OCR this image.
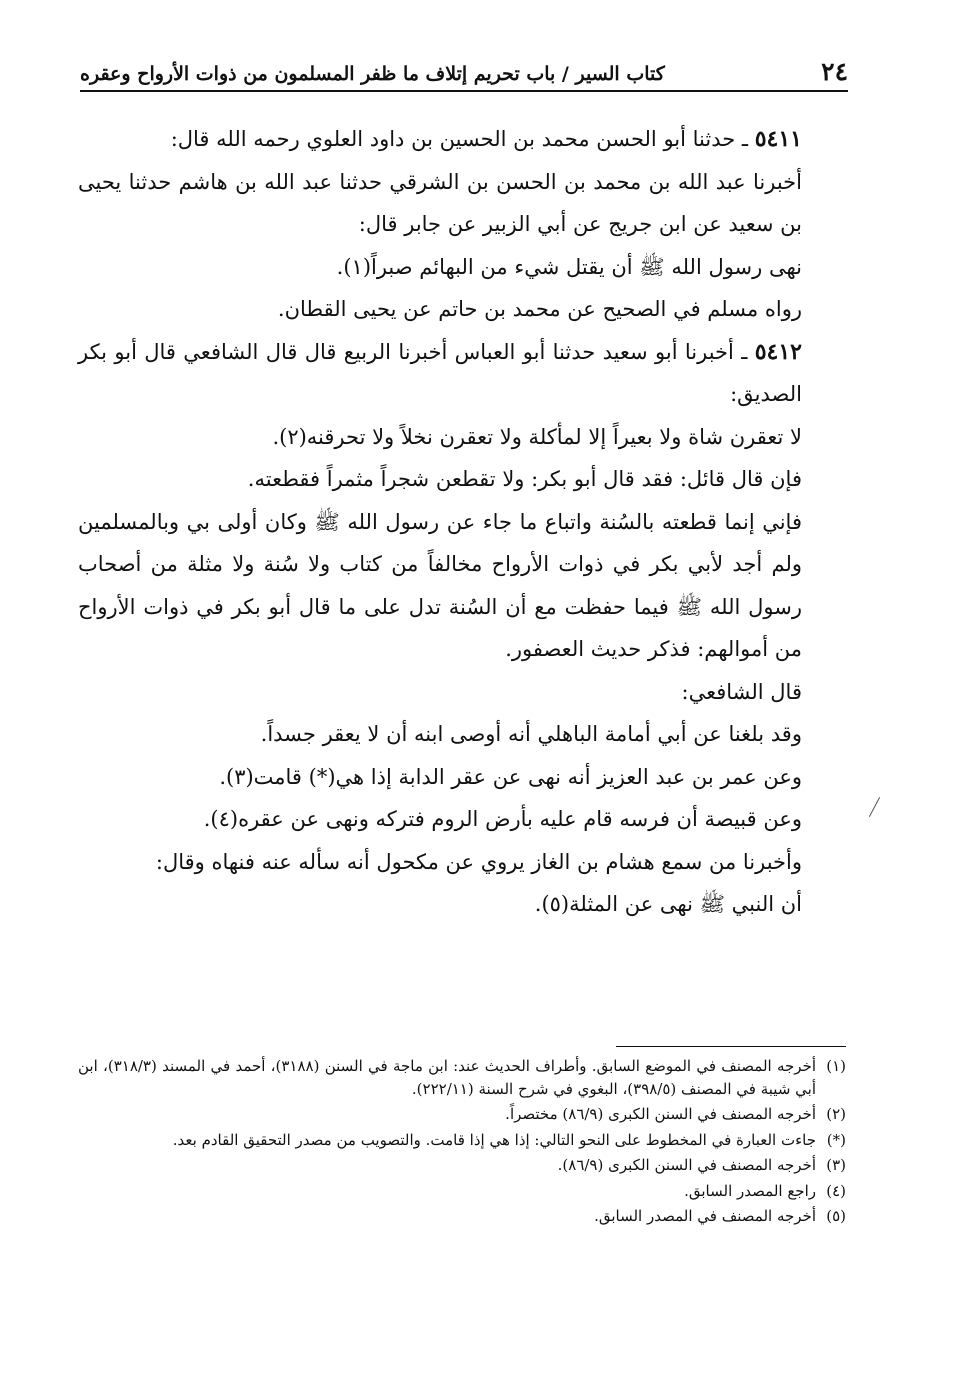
٢٤
كتاب السير / باب تحريم إتلاف ما ظفر المسلمون من ذوات الأرواح وعقره

٥٤١١ ـ حدثنا أبو الحسن محمد بن الحسين بن داود العلوي رحمه الله قال:

أخبرنا عبد الله بن محمد بن الحسن بن الشرقي حدثنا عبد الله بن هاشم حدثنا يحيى بن سعيد عن ابن جريج عن أبي الزبير عن جابر قال:

نهى رسول الله ﷺ أن يقتل شيء من البهائم صبراً(١).

رواه مسلم في الصحيح عن محمد بن حاتم عن يحيى القطان.

٥٤١٢ ـ أخبرنا أبو سعيد حدثنا أبو العباس أخبرنا الربيع قال قال الشافعي قال أبو بكر الصديق:

لا تعقرن شاة ولا بعيراً إلا لمأكلة ولا تعقرن نخلاً ولا تحرقنه(٢).

فإن قال قائل: فقد قال أبو بكر: ولا تقطعن شجراً مثمراً فقطعته.

فإني إنما قطعته بالسُنة واتباع ما جاء عن رسول الله ﷺ وكان أولى بي وبالمسلمين ولم أجد لأبي بكر في ذوات الأرواح مخالفاً من كتاب ولا سُنة ولا مثلة من أصحاب رسول الله ﷺ فيما حفظت مع أن السُنة تدل على ما قال أبو بكر في ذوات الأرواح من أموالهم: فذكر حديث العصفور.

قال الشافعي:

وقد بلغنا عن أبي أمامة الباهلي أنه أوصى ابنه أن لا يعقر جسداً.

وعن عمر بن عبد العزيز أنه نهى عن عقر الدابة إذا هي(*) قامت(٣).

وعن قبيصة أن فرسه قام عليه بأرض الروم فتركه ونهى عن عقره(٤).

وأخبرنا من سمع هشام بن الغاز يروي عن مكحول أنه سأله عنه فنهاه وقال:

أن النبي ﷺ نهى عن المثلة(٥).

(١)
أخرجه المصنف في الموضع السابق. وأطراف الحديث عند: ابن ماجة في السنن (٣١٨٨)، أحمد في المسند (٣١٨/٣)، ابن أبي شيبة في المصنف (٣٩٨/٥)، البغوي في شرح السنة (٢٢٢/١١).
(٢)
أخرجه المصنف في السنن الكبرى (٨٦/٩) مختصراً.
(*)
جاءت العبارة في المخطوط على النحو التالي: إذا هي إذا قامت. والتصويب من مصدر التحقيق القادم بعد.
(٣)
أخرجه المصنف في السنن الكبرى (٨٦/٩).
(٤)
راجع المصدر السابق.
(٥)
أخرجه المصنف في المصدر السابق.
